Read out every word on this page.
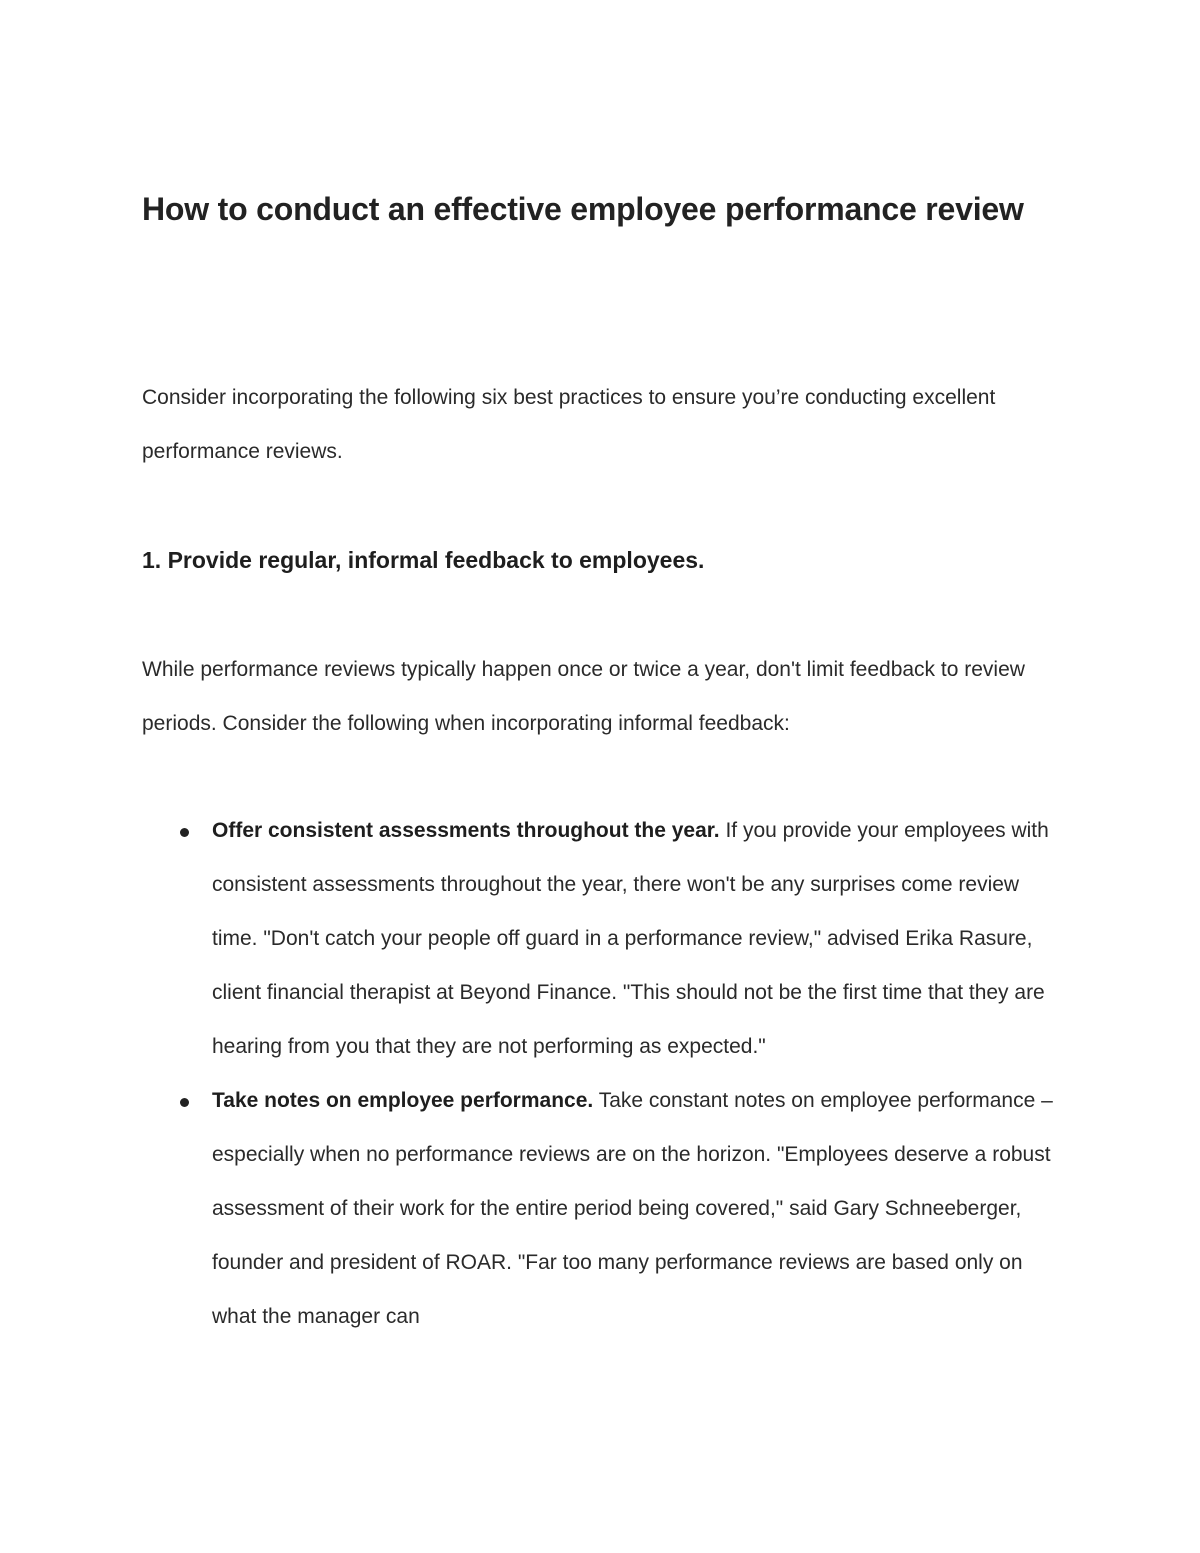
How to conduct an effective employee performance review

Consider incorporating the following six best practices to ensure you’re conducting excellent performance reviews.

1. Provide regular, informal feedback to employees.

While performance reviews typically happen once or twice a year, don't limit feedback to review periods. Consider the following when incorporating informal feedback:

Offer consistent assessments throughout the year. If you provide your employees with consistent assessments throughout the year, there won't be any surprises come review time. "Don't catch your people off guard in a performance review," advised Erika Rasure, client financial therapist at Beyond Finance. "This should not be the first time that they are hearing from you that they are not performing as expected."
Take notes on employee performance. Take constant notes on employee performance – especially when no performance reviews are on the horizon. "Employees deserve a robust assessment of their work for the entire period being covered," said Gary Schneeberger, founder and president of ROAR. "Far too many performance reviews are based only on what the manager can
